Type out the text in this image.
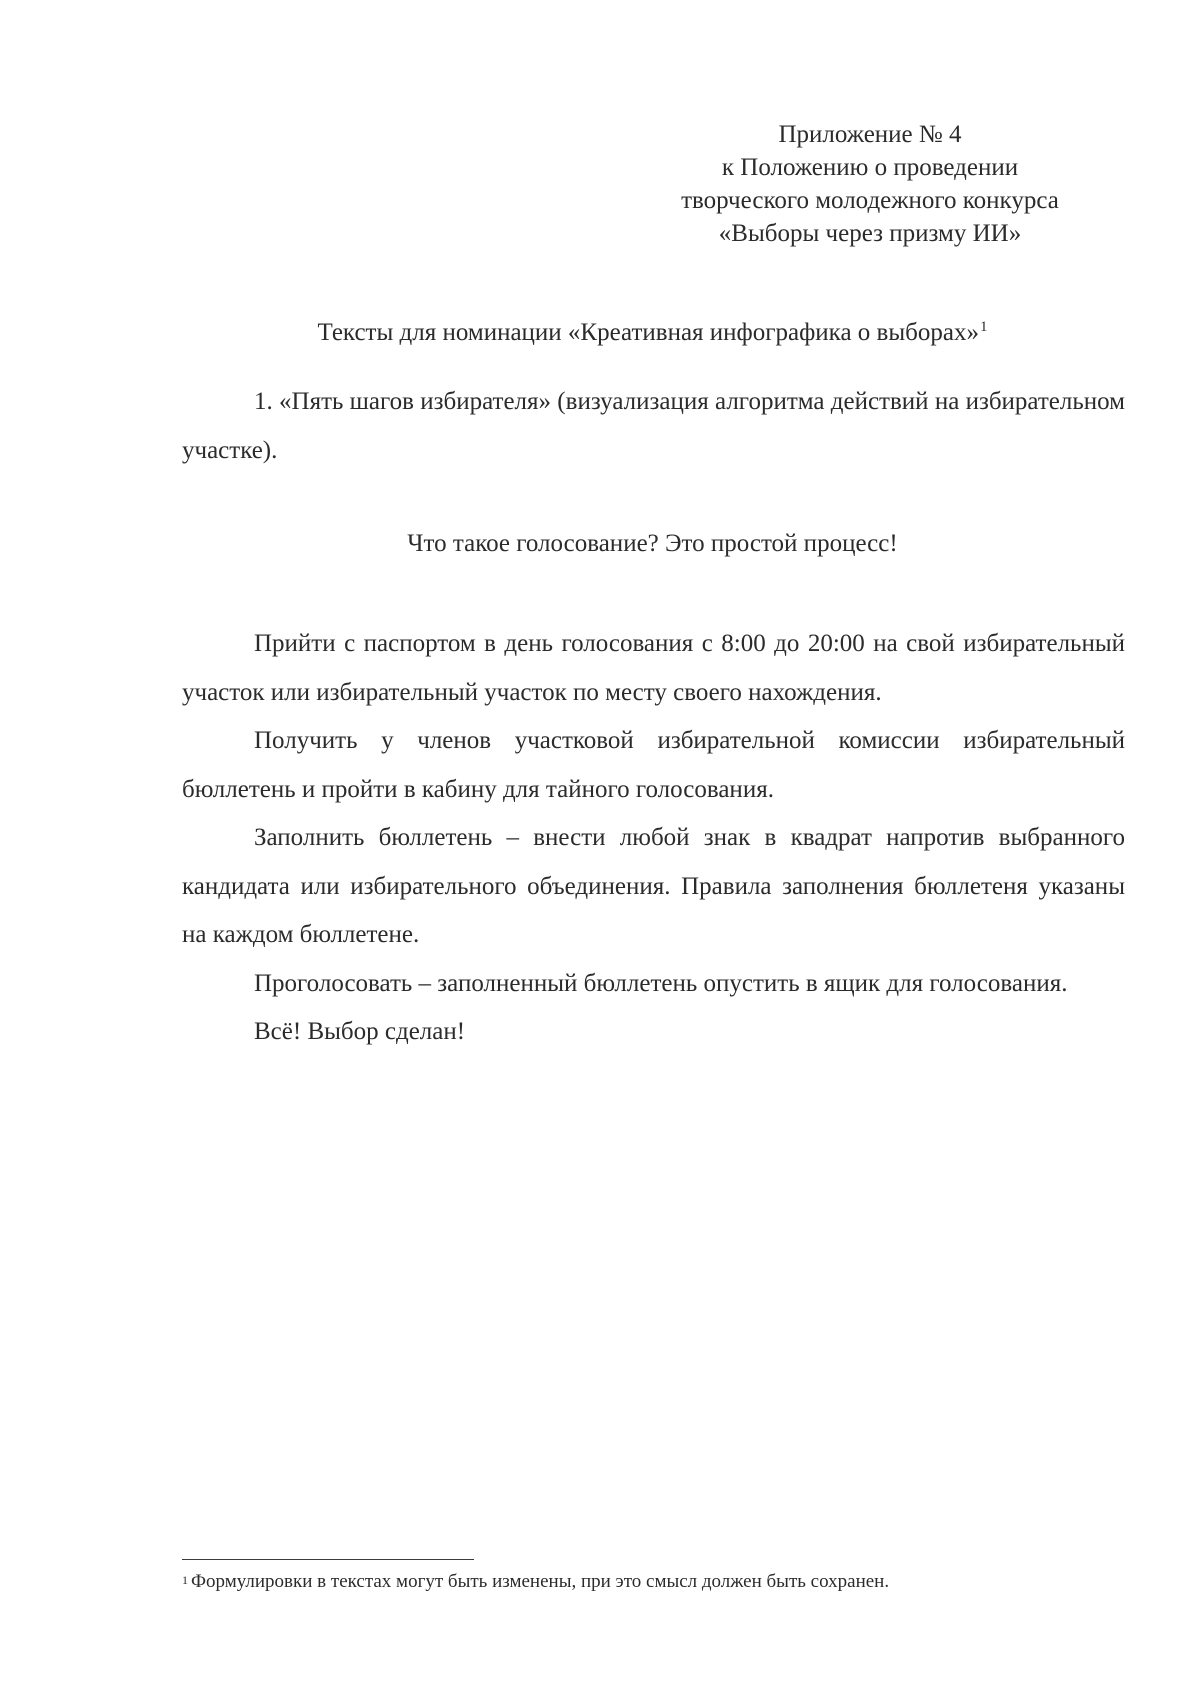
Приложение № 4
к Положению о проведении
творческого молодежного конкурса
«Выборы через призму ИИ»
Тексты для номинации «Креативная инфографика о выборах»$^1$

1. «Пять шагов избирателя» (визуализация алгоритма действий на избирательном участке).

Что такое голосование? Это простой процесс!

Прийти с паспортом в день голосования с 8:00 до 20:00 на свой избирательный участок или избирательный участок по месту своего нахождения.

Получить у членов участковой избирательной комиссии избирательный бюллетень и пройти в кабину для тайного голосования.

Заполнить бюллетень – внести любой знак в квадрат напротив выбранного кандидата или избирательного объединения. Правила заполнения бюллетеня указаны на каждом бюллетене.

Проголосовать – заполненный бюллетень опустить в ящик для голосования.

Всё! Выбор сделан!

$^1$ Формулировки в текстах могут быть изменены, при это смысл должен быть сохранен.
